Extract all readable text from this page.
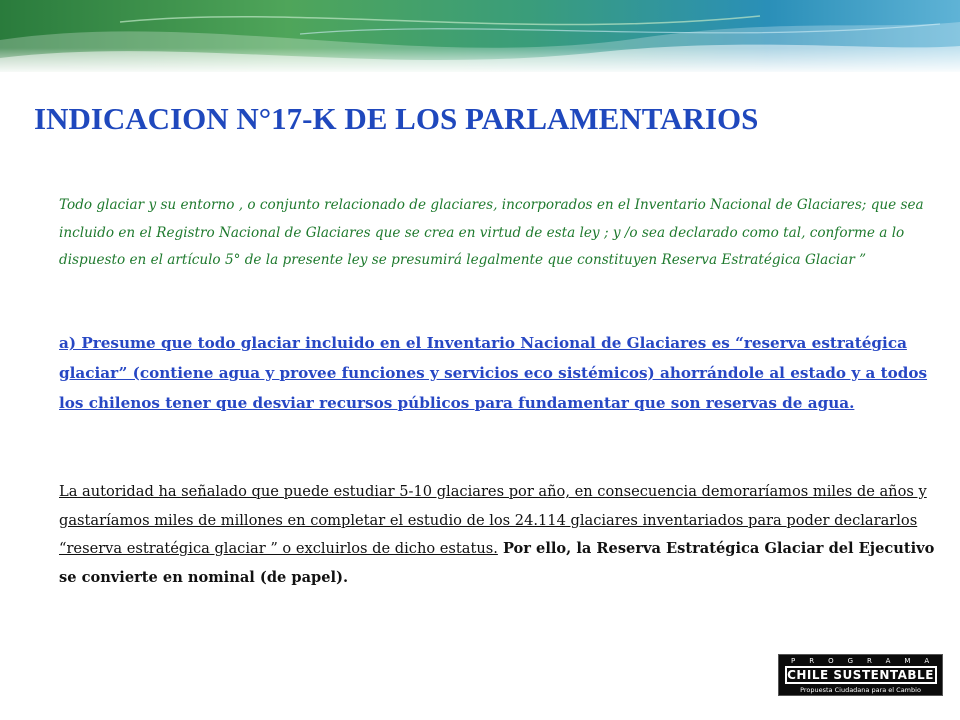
INDICACION N°17-K DE LOS PARLAMENTARIOS

Todo glaciar y su entorno , o conjunto relacionado de glaciares, incorporados en el Inventario Nacional de Glaciares; que sea incluido en el Registro Nacional de Glaciares que se crea en virtud de esta ley ; y /o sea declarado como tal, conforme a lo dispuesto en el artículo 5° de la presente ley se presumirá legalmente que constituyen Reserva Estratégica Glaciar ”

a) Presume que todo glaciar incluido en el Inventario Nacional de Glaciares es “reserva estratégica glaciar” (contiene agua y provee funciones y servicios eco sistémicos) ahorrándole al estado y a todos los chilenos tener que desviar recursos públicos para fundamentar que son reservas de agua.

La autoridad ha señalado que puede estudiar 5-10 glaciares por año, en consecuencia demoraríamos miles de años y gastaríamos miles de millones en completar el estudio de los 24.114 glaciares inventariados para poder declararlos “reserva estratégica glaciar ” o excluirlos de dicho estatus. Por ello, la Reserva Estratégica Glaciar del Ejecutivo se convierte en nominal (de papel).

PROGRAMA
CHILE SUSTENTABLE
Propuesta Ciudadana para el Cambio
